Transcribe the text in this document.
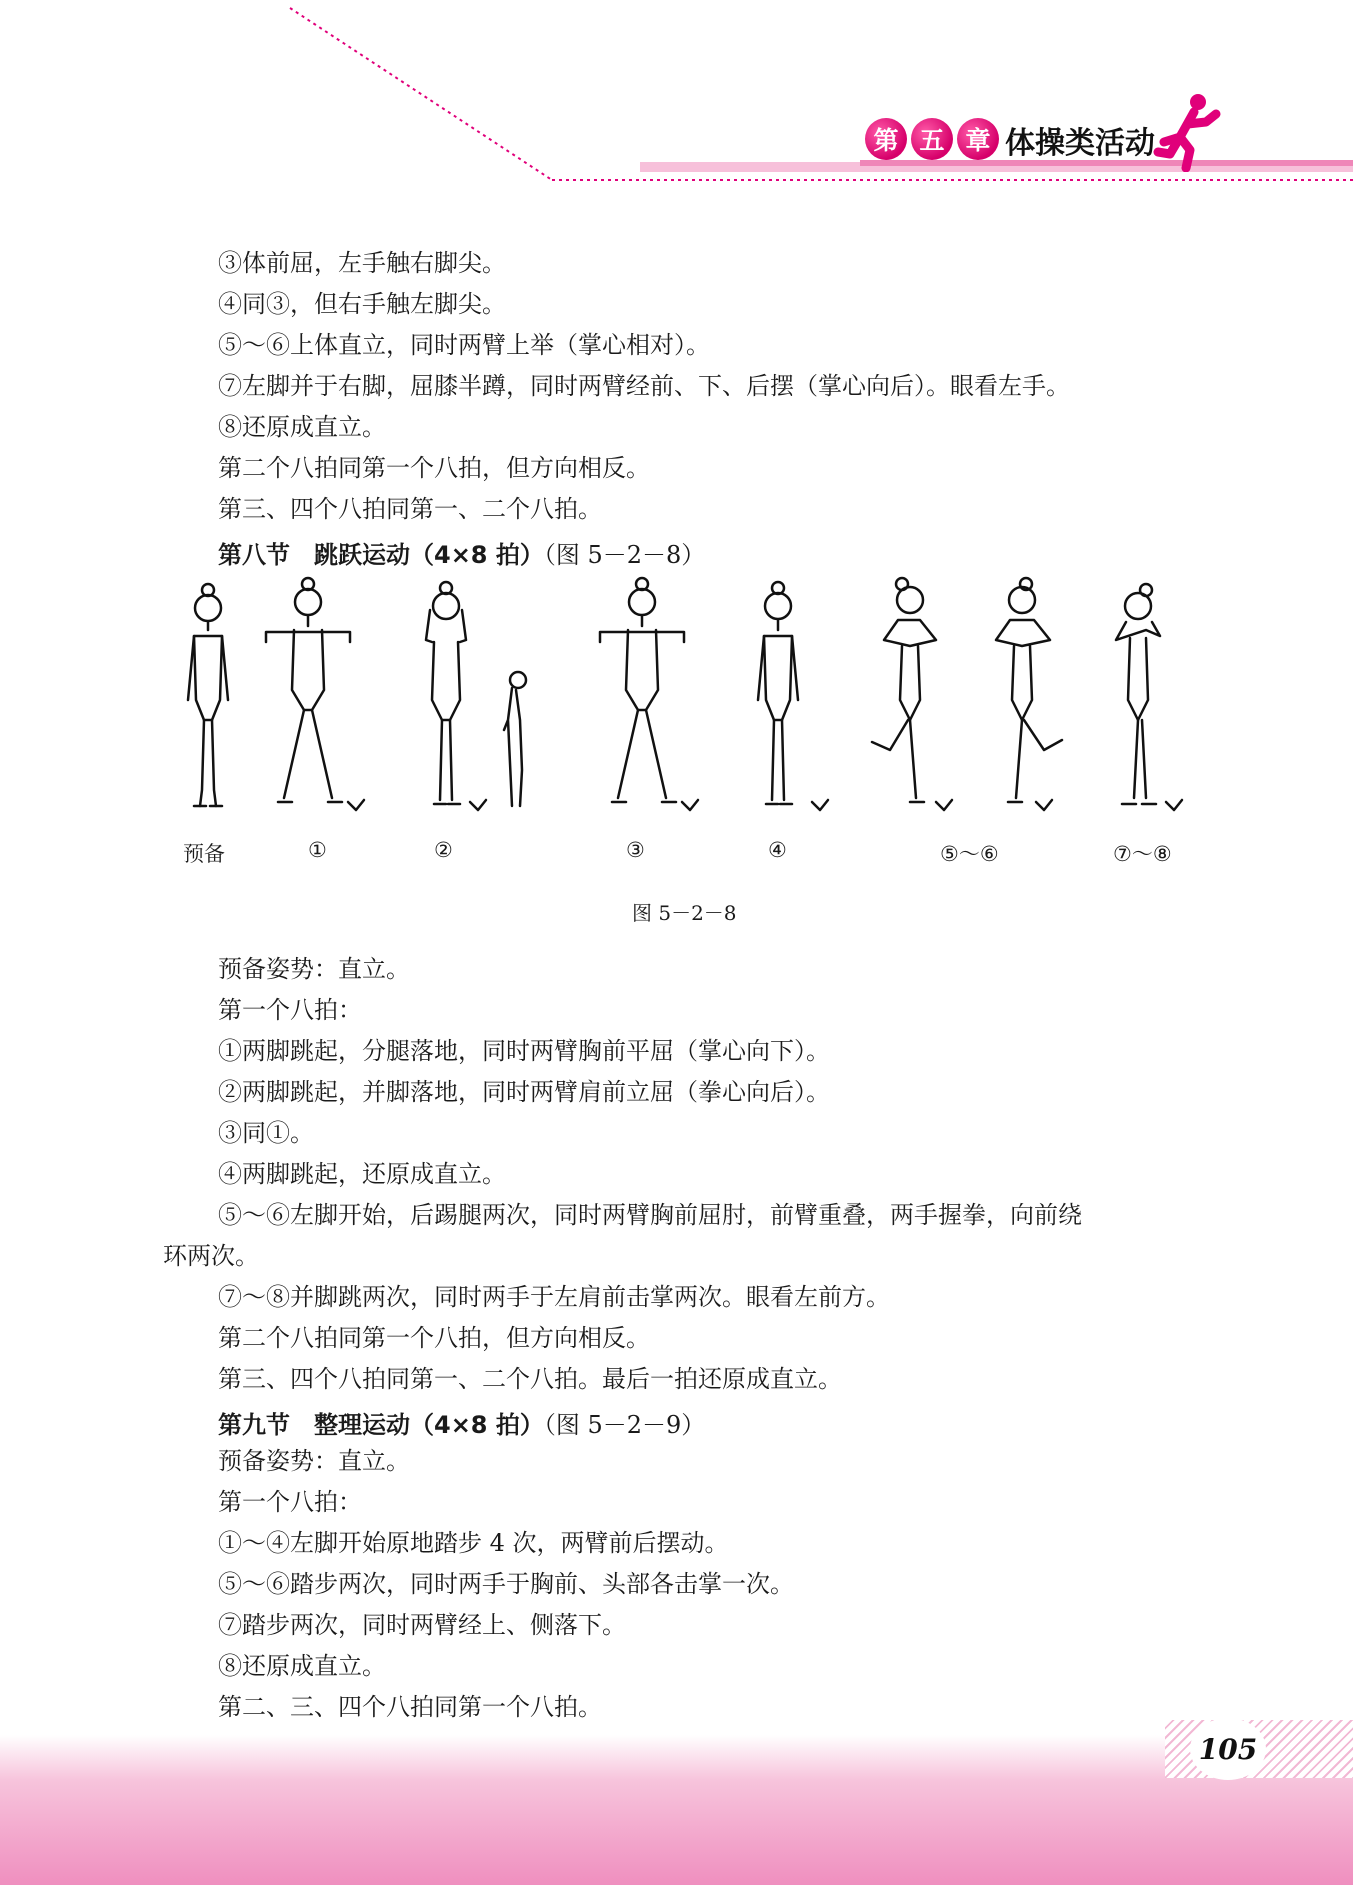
第 五 章 体操类活动
③体前屈，左手触右脚尖。
④同③，但右手触左脚尖。
⑤～⑥上体直立，同时两臂上举（掌心相对）。
⑦左脚并于右脚，屈膝半蹲，同时两臂经前、下、后摆（掌心向后）。眼看左手。
⑧还原成直立。
第二个八拍同第一个八拍，但方向相反。
第三、四个八拍同第一、二个八拍。
第八节　跳跃运动（4×8 拍）（图 5－2－8）
预备	①	②	③	④	⑤～⑥	⑦～⑧
图 5－2－8
预备姿势：直立。
第一个八拍：
①两脚跳起，分腿落地，同时两臂胸前平屈（掌心向下）。
②两脚跳起，并脚落地，同时两臂肩前立屈（拳心向后）。
③同①。
④两脚跳起，还原成直立。
⑤～⑥左脚开始，后踢腿两次，同时两臂胸前屈肘，前臂重叠，两手握拳，向前绕
环两次。
⑦～⑧并脚跳两次，同时两手于左肩前击掌两次。眼看左前方。
第二个八拍同第一个八拍，但方向相反。
第三、四个八拍同第一、二个八拍。最后一拍还原成直立。
第九节　整理运动（4×8 拍）（图 5－2－9）
预备姿势：直立。
第一个八拍：
①～④左脚开始原地踏步 4 次，两臂前后摆动。
⑤～⑥踏步两次，同时两手于胸前、头部各击掌一次。
⑦踏步两次，同时两臂经上、侧落下。
⑧还原成直立。
第二、三、四个八拍同第一个八拍。
105
